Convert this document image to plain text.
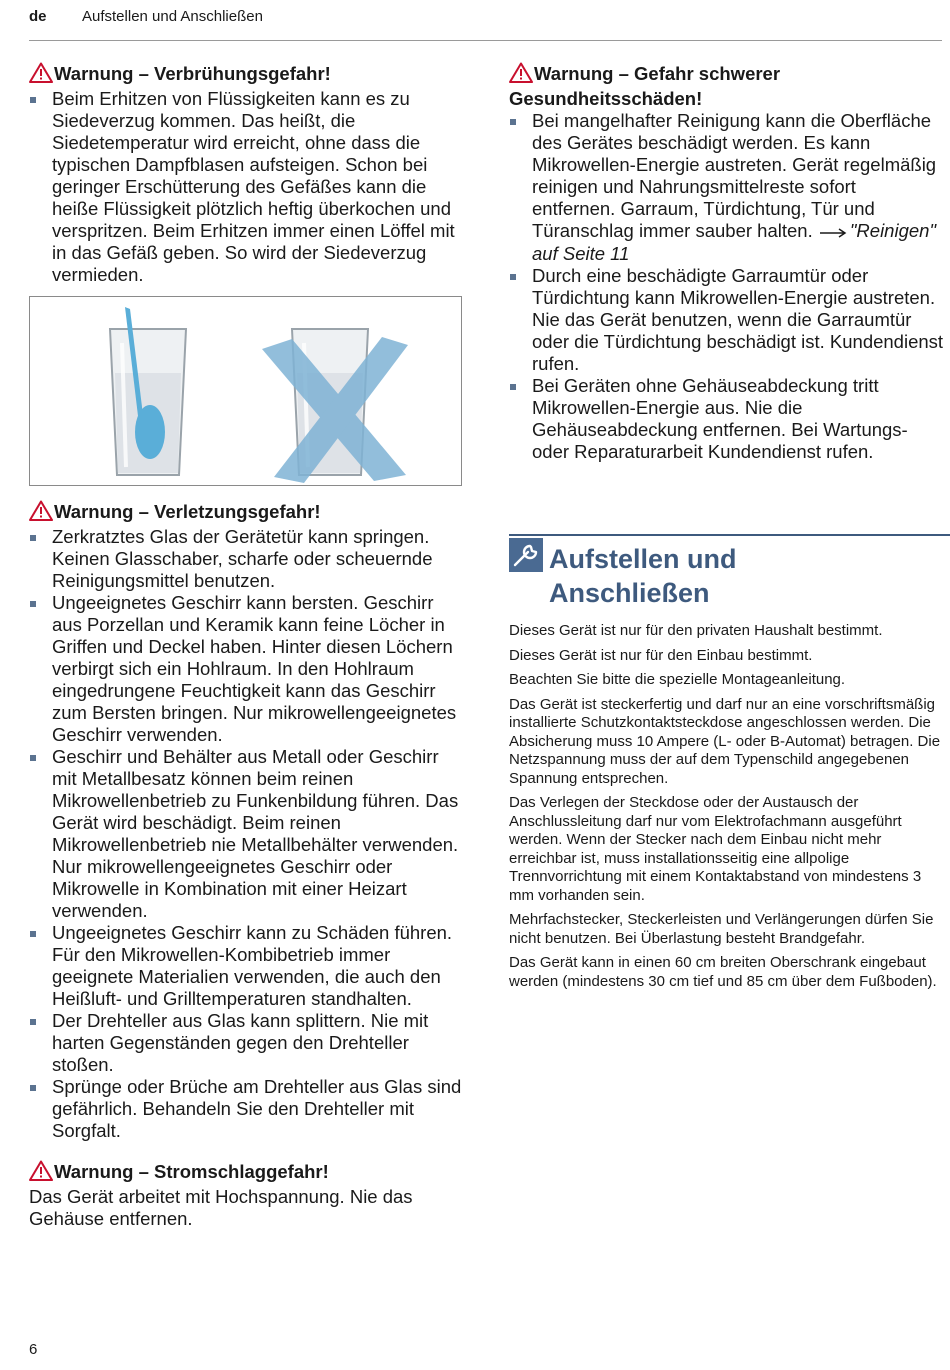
de Aufstellen und Anschließen

Warnung – Verbrühungsgefahr!

Beim Erhitzen von Flüssigkeiten kann es zu Siedeverzug kommen. Das heißt, die Siedetemperatur wird erreicht, ohne dass die typischen Dampfblasen aufsteigen. Schon bei geringer Erschütterung des Gefäßes kann die heiße Flüssigkeit plötzlich heftig überkochen und verspritzen. Beim Erhitzen immer einen Löffel mit in das Gefäß geben. So wird der Siedeverzug vermieden.

Warnung – Verletzungsgefahr!

Zerkratztes Glas der Gerätetür kann springen. Keinen Glasschaber, scharfe oder scheuernde Reinigungsmittel benutzen.
Ungeeignetes Geschirr kann bersten. Geschirr aus Porzellan und Keramik kann feine Löcher in Griffen und Deckel haben. Hinter diesen Löchern verbirgt sich ein Hohlraum. In den Hohlraum eingedrungene Feuchtigkeit kann das Geschirr zum Bersten bringen. Nur mikrowellengeeignetes Geschirr verwenden.
Geschirr und Behälter aus Metall oder Geschirr mit Metallbesatz können beim reinen Mikrowellenbetrieb zu Funkenbildung führen. Das Gerät wird beschädigt. Beim reinen Mikrowellenbetrieb nie Metallbehälter verwenden. Nur mikrowellengeeignetes Geschirr oder Mikrowelle in Kombination mit einer Heizart verwenden.
Ungeeignetes Geschirr kann zu Schäden führen. Für den Mikrowellen-Kombibetrieb immer geeignete Materialien verwenden, die auch den Heißluft- und Grilltemperaturen standhalten.
Der Drehteller aus Glas kann splittern. Nie mit harten Gegenständen gegen den Drehteller stoßen.
Sprünge oder Brüche am Drehteller aus Glas sind gefährlich. Behandeln Sie den Drehteller mit Sorgfalt.

Warnung – Stromschlaggefahr!

Das Gerät arbeitet mit Hochspannung. Nie das Gehäuse entfernen.

Warnung – Gefahr schwerer
Gesundheitsschäden!

Bei mangelhafter Reinigung kann die Oberfläche des Gerätes beschädigt werden. Es kann Mikrowellen-Energie austreten. Gerät regelmäßig reinigen und Nahrungsmittelreste sofort entfernen. Garraum, Türdichtung, Tür und Türanschlag immer sauber halten. "Reinigen"
auf Seite 11
Durch eine beschädigte Garraumtür oder Türdichtung kann Mikrowellen-Energie austreten. Nie das Gerät benutzen, wenn die Garraumtür oder die Türdichtung beschädigt ist. Kundendienst rufen.
Bei Geräten ohne Gehäuseabdeckung tritt Mikrowellen-Energie aus. Nie die Gehäuseabdeckung entfernen. Bei Wartungs- oder Reparaturarbeit Kundendienst rufen.
Aufstellen und
Anschließen

Dieses Gerät ist nur für den privaten Haushalt bestimmt.

Dieses Gerät ist nur für den Einbau bestimmt.

Beachten Sie bitte die spezielle Montageanleitung.

Das Gerät ist steckerfertig und darf nur an eine vorschriftsmäßig installierte Schutzkontaktsteckdose angeschlossen werden. Die Absicherung muss 10 Ampere (L- oder B-Automat) betragen. Die Netzspannung muss der auf dem Typenschild angegebenen Spannung entsprechen.

Das Verlegen der Steckdose oder der Austausch der Anschlussleitung darf nur vom Elektrofachmann ausgeführt werden. Wenn der Stecker nach dem Einbau nicht mehr erreichbar ist, muss installationsseitig eine allpolige Trennvorrichtung mit einem Kontaktabstand von mindestens 3 mm vorhanden sein.

Mehrfachstecker, Steckerleisten und Verlängerungen dürfen Sie nicht benutzen. Bei Überlastung besteht Brandgefahr.

Das Gerät kann in einen 60 cm breiten Oberschrank eingebaut werden (mindestens 30 cm tief und 85 cm über dem Fußboden).

6
